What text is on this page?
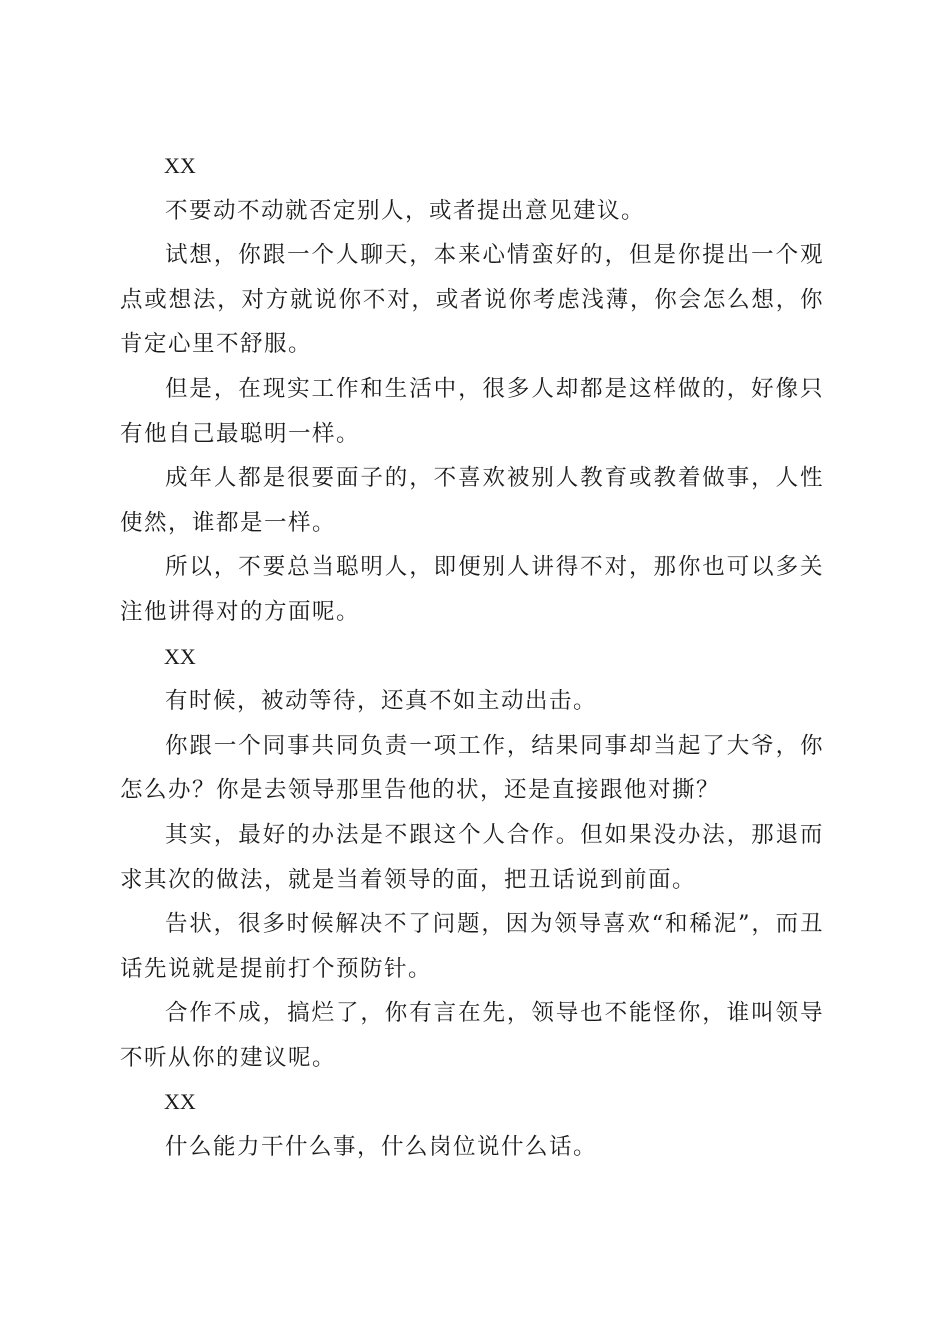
XX

不要动不动就否定别人，或者提出意见建议。

试想，你跟一个人聊天，本来心情蛮好的，但是你提出一个观点或想法，对方就说你不对，或者说你考虑浅薄，你会怎么想，你肯定心里不舒服。

但是，在现实工作和生活中，很多人却都是这样做的，好像只有他自己最聪明一样。

成年人都是很要面子的，不喜欢被别人教育或教着做事，人性使然，谁都是一样。

所以，不要总当聪明人，即便别人讲得不对，那你也可以多关注他讲得对的方面呢。

XX

有时候，被动等待，还真不如主动出击。

你跟一个同事共同负责一项工作，结果同事却当起了大爷，你怎么办？你是去领导那里告他的状，还是直接跟他对撕？

其实，最好的办法是不跟这个人合作。但如果没办法，那退而求其次的做法，就是当着领导的面，把丑话说到前面。

告状，很多时候解决不了问题，因为领导喜欢“和稀泥”，而丑话先说就是提前打个预防针。

合作不成，搞烂了，你有言在先，领导也不能怪你，谁叫领导不听从你的建议呢。

XX

什么能力干什么事，什么岗位说什么话。
